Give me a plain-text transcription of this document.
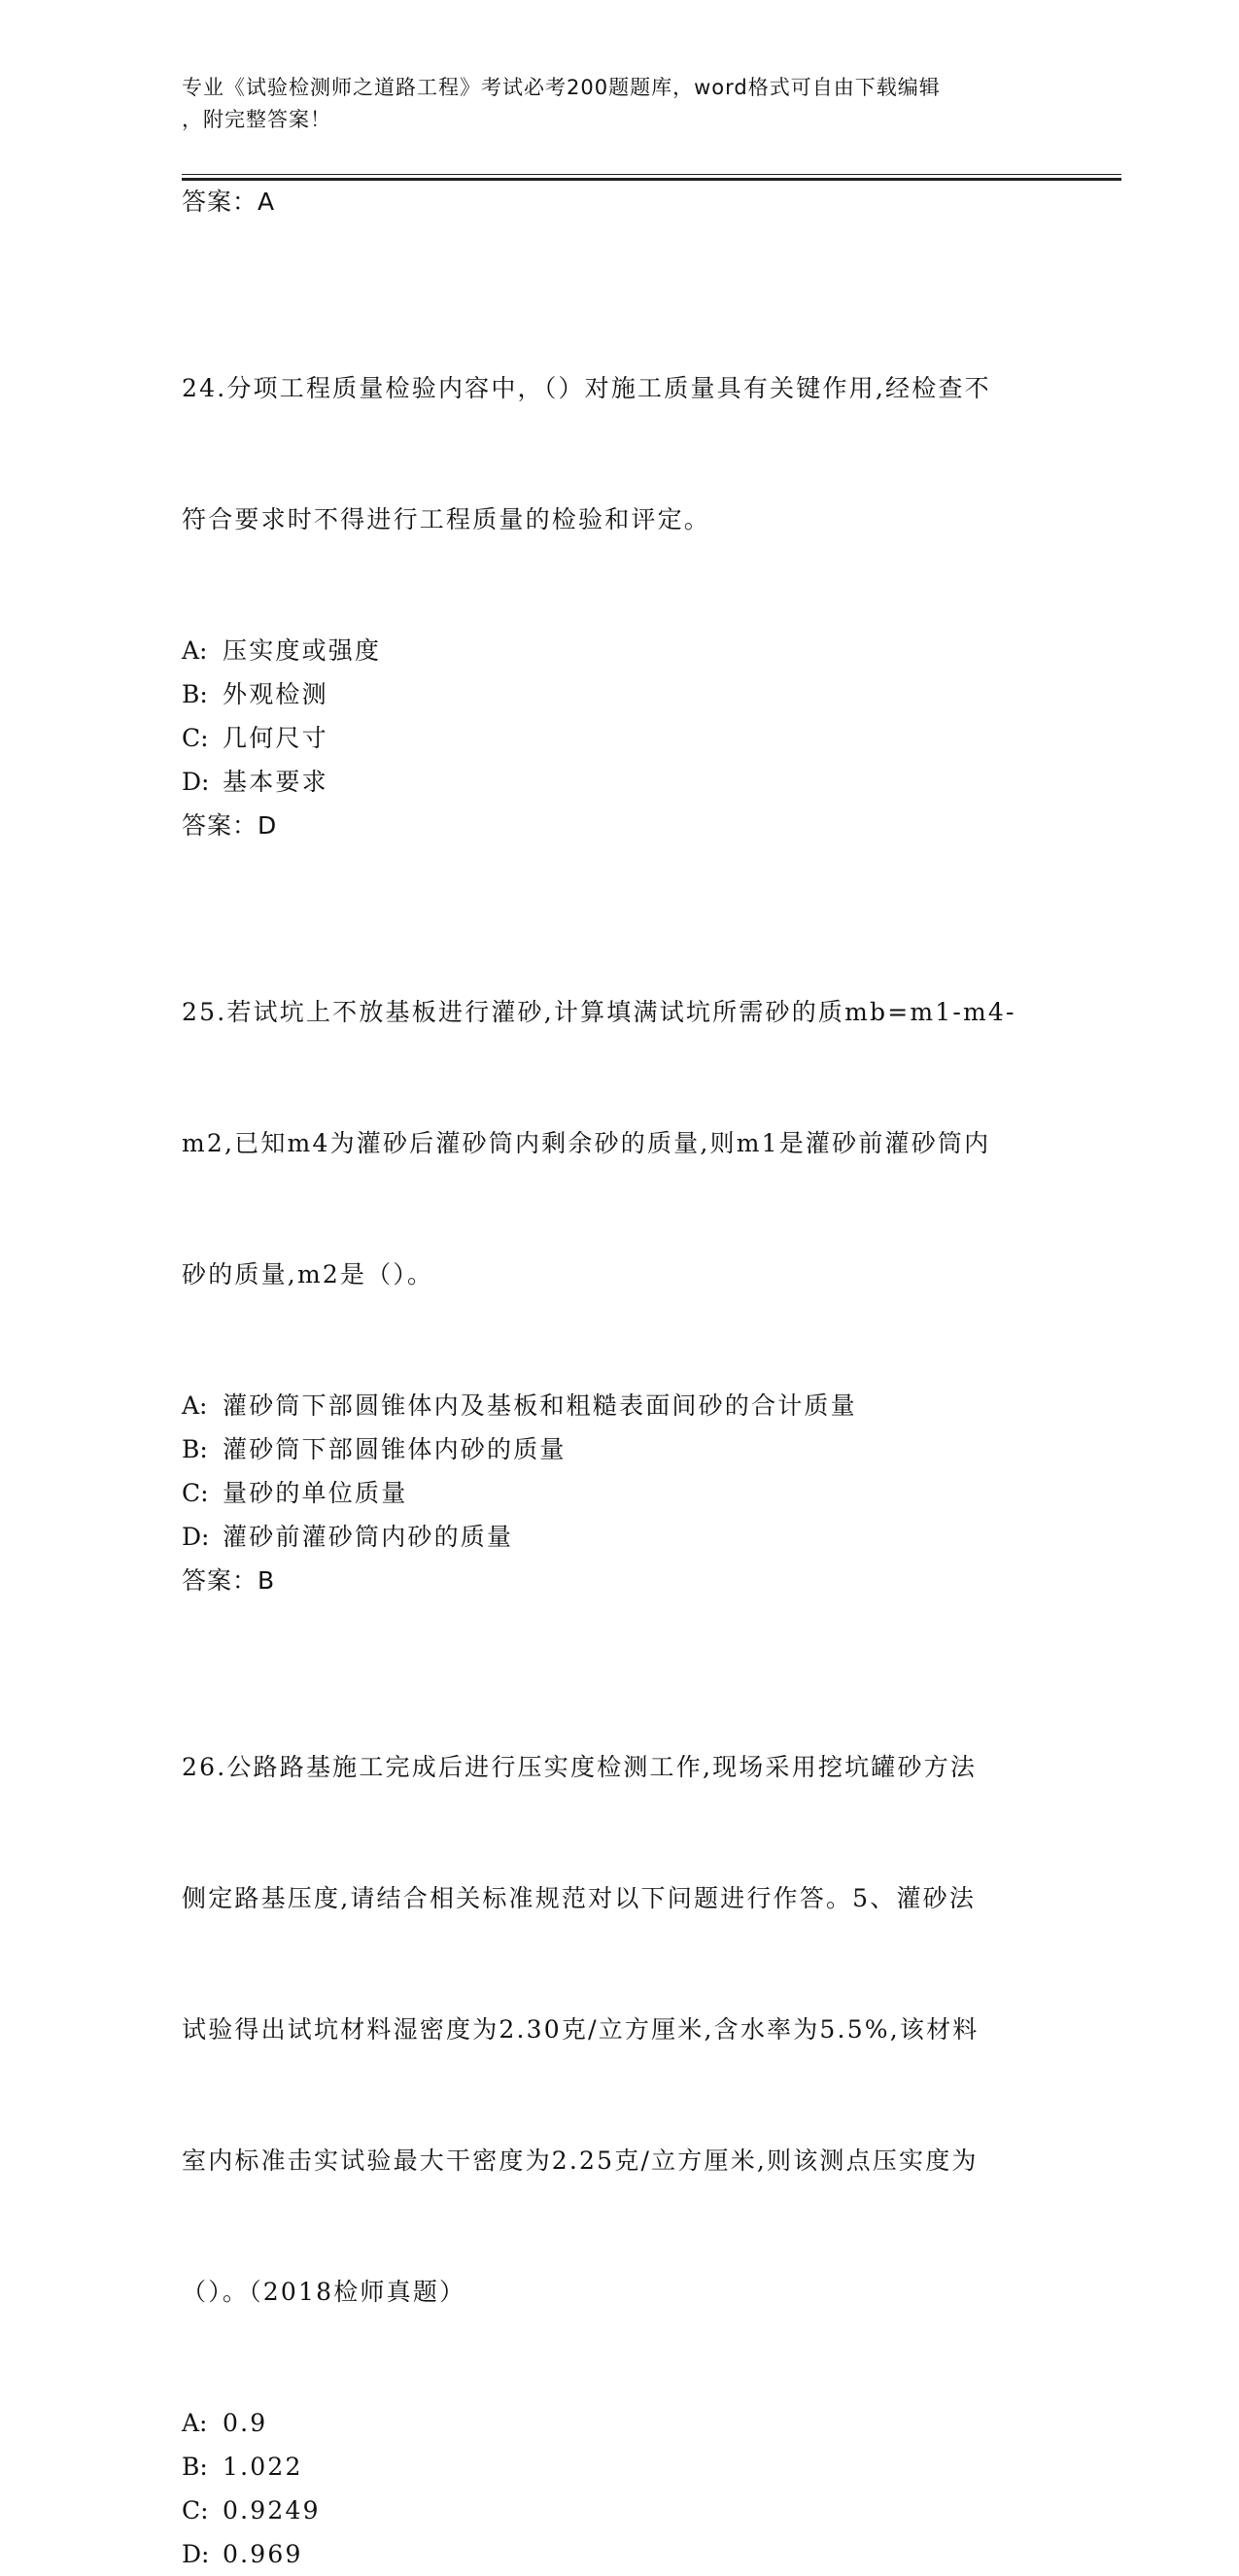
专业《试验检测师之道路工程》考试必考200题题库，word格式可自由下载编辑
，附完整答案！
答案：A

24.分项工程质量检验内容中，（）对施工质量具有关键作用,经检查不

符合要求时不得进行工程质量的检验和评定。

A: 压实度或强度
B: 外观检测
C: 几何尺寸
D: 基本要求
答案：D

25.若试坑上不放基板进行灌砂,计算填满试坑所需砂的质mb=m1-m4-

m2,已知m4为灌砂后灌砂筒内剩余砂的质量,则m1是灌砂前灌砂筒内

砂的质量,m2是（）。

A: 灌砂筒下部圆锥体内及基板和粗糙表面间砂的合计质量
B: 灌砂筒下部圆锥体内砂的质量
C: 量砂的单位质量
D: 灌砂前灌砂筒内砂的质量
答案：B

26.公路路基施工完成后进行压实度检测工作,现场采用挖坑罐砂方法

侧定路基压度,请结合相关标准规范对以下问题进行作答。5、灌砂法

试验得出试坑材料湿密度为2.30克/立方厘米,含水率为5.5%,该材料

室内标准击实试验最大干密度为2.25克/立方厘米,则该测点压实度为

（）。（2018检师真题）

A: 0.9
B: 1.022
C: 0.9249
D: 0.969
